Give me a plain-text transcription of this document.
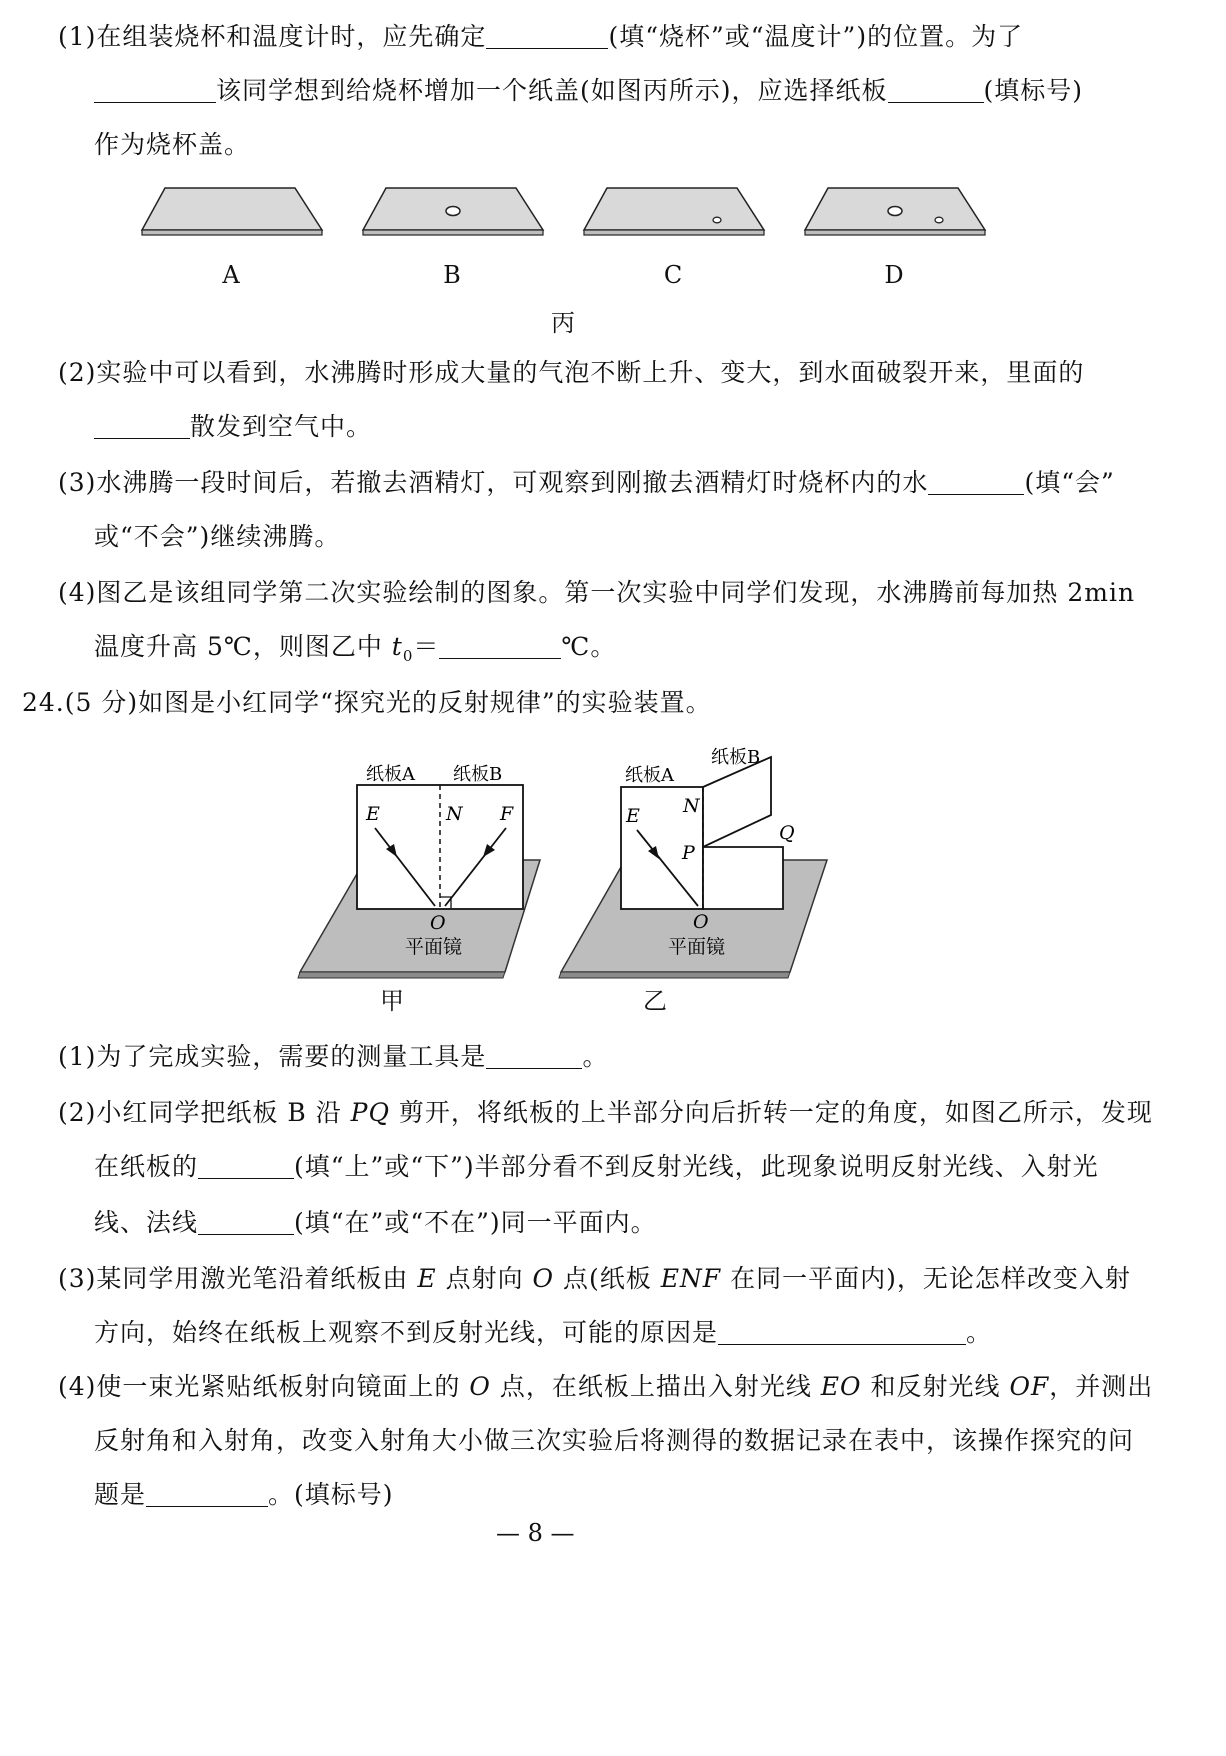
(1)在组装烧杯和温度计时，应先确定	(填“烧杯”或“温度计”)的位置。为了
该同学想到给烧杯增加一个纸盖(如图丙所示)，应选择纸板	(填标号)
作为烧杯盖。
A	B	C	D
丙
(2)实验中可以看到，水沸腾时形成大量的气泡不断上升、变大，到水面破裂开来，里面的
散发到空气中。
(3)水沸腾一段时间后，若撤去酒精灯，可观察到刚撤去酒精灯时烧杯内的水	(填“会”
或“不会”)继续沸腾。
(4)图乙是该组同学第二次实验绘制的图象。第一次实验中同学们发现，水沸腾前每加热 2min
温度升高 5℃，则图乙中 $t_0=$	℃。
24.(5 分)如图是小红同学“探究光的反射规律”的实验装置。
纸板A 纸板B
E	N F
O
平面镜
甲
纸板A
纸板B
E N
P
Q
O
平面镜
乙
(1)为了完成实验，需要的测量工具是	。
(2)小红同学把纸板 B 沿 PQ 剪开，将纸板的上半部分向后折转一定的角度，如图乙所示，发现
在纸板的	(填“上”或“下”)半部分看不到反射光线，此现象说明反射光线、入射光
线、法线	(填“在”或“不在”)同一平面内。
(3)某同学用激光笔沿着纸板由 E 点射向 O 点(纸板 ENF 在同一平面内)，无论怎样改变入射
方向，始终在纸板上观察不到反射光线，可能的原因是	。
(4)使一束光紧贴纸板射向镜面上的 O 点，在纸板上描出入射光线 EO 和反射光线 OF，并测出
反射角和入射角，改变入射角大小做三次实验后将测得的数据记录在表中，该操作探究的问
题是	。(填标号)
— 8 —
